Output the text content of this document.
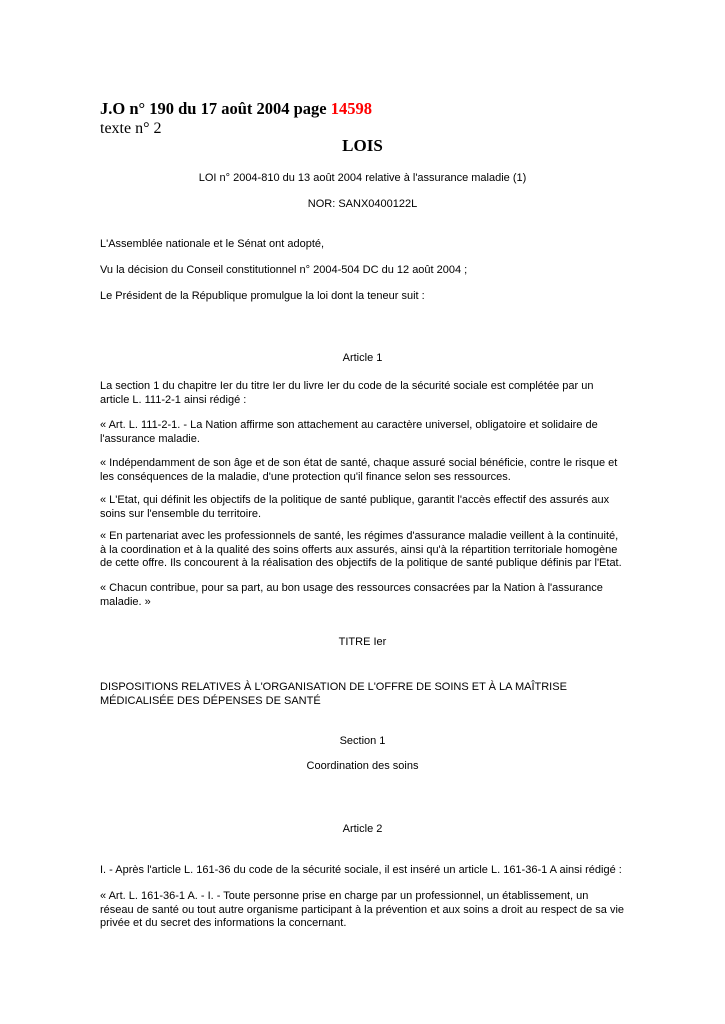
J.O n° 190 du 17 août 2004 page 14598
texte n° 2
LOIS

LOI n° 2004-810 du 13 août 2004 relative à l'assurance maladie (1)

NOR: SANX0400122L

L'Assemblée nationale et le Sénat ont adopté,

Vu la décision du Conseil constitutionnel n° 2004-504 DC du 12 août 2004 ;

Le Président de la République promulgue la loi dont la teneur suit :

Article 1

La section 1 du chapitre Ier du titre Ier du livre Ier du code de la sécurité sociale est complétée par un article L. 111-2-1 ainsi rédigé :

« Art. L. 111-2-1. - La Nation affirme son attachement au caractère universel, obligatoire et solidaire de l'assurance maladie.

« Indépendamment de son âge et de son état de santé, chaque assuré social bénéficie, contre le risque et les conséquences de la maladie, d'une protection qu'il finance selon ses ressources.

« L'Etat, qui définit les objectifs de la politique de santé publique, garantit l'accès effectif des assurés aux soins sur l'ensemble du territoire.

« En partenariat avec les professionnels de santé, les régimes d'assurance maladie veillent à la continuité, à la coordination et à la qualité des soins offerts aux assurés, ainsi qu'à la répartition territoriale homogène de cette offre. Ils concourent à la réalisation des objectifs de la politique de santé publique définis par l'Etat.

« Chacun contribue, pour sa part, au bon usage des ressources consacrées par la Nation à l'assurance maladie. »

TITRE Ier

DISPOSITIONS RELATIVES À L'ORGANISATION DE L'OFFRE DE SOINS ET À LA MAÎTRISE MÉDICALISÉE DES DÉPENSES DE SANTÉ

Section 1

Coordination des soins

Article 2

I. - Après l'article L. 161-36 du code de la sécurité sociale, il est inséré un article L. 161-36-1 A ainsi rédigé :

« Art. L. 161-36-1 A. - I. - Toute personne prise en charge par un professionnel, un établissement, un réseau de santé ou tout autre organisme participant à la prévention et aux soins a droit au respect de sa vie privée et du secret des informations la concernant.
